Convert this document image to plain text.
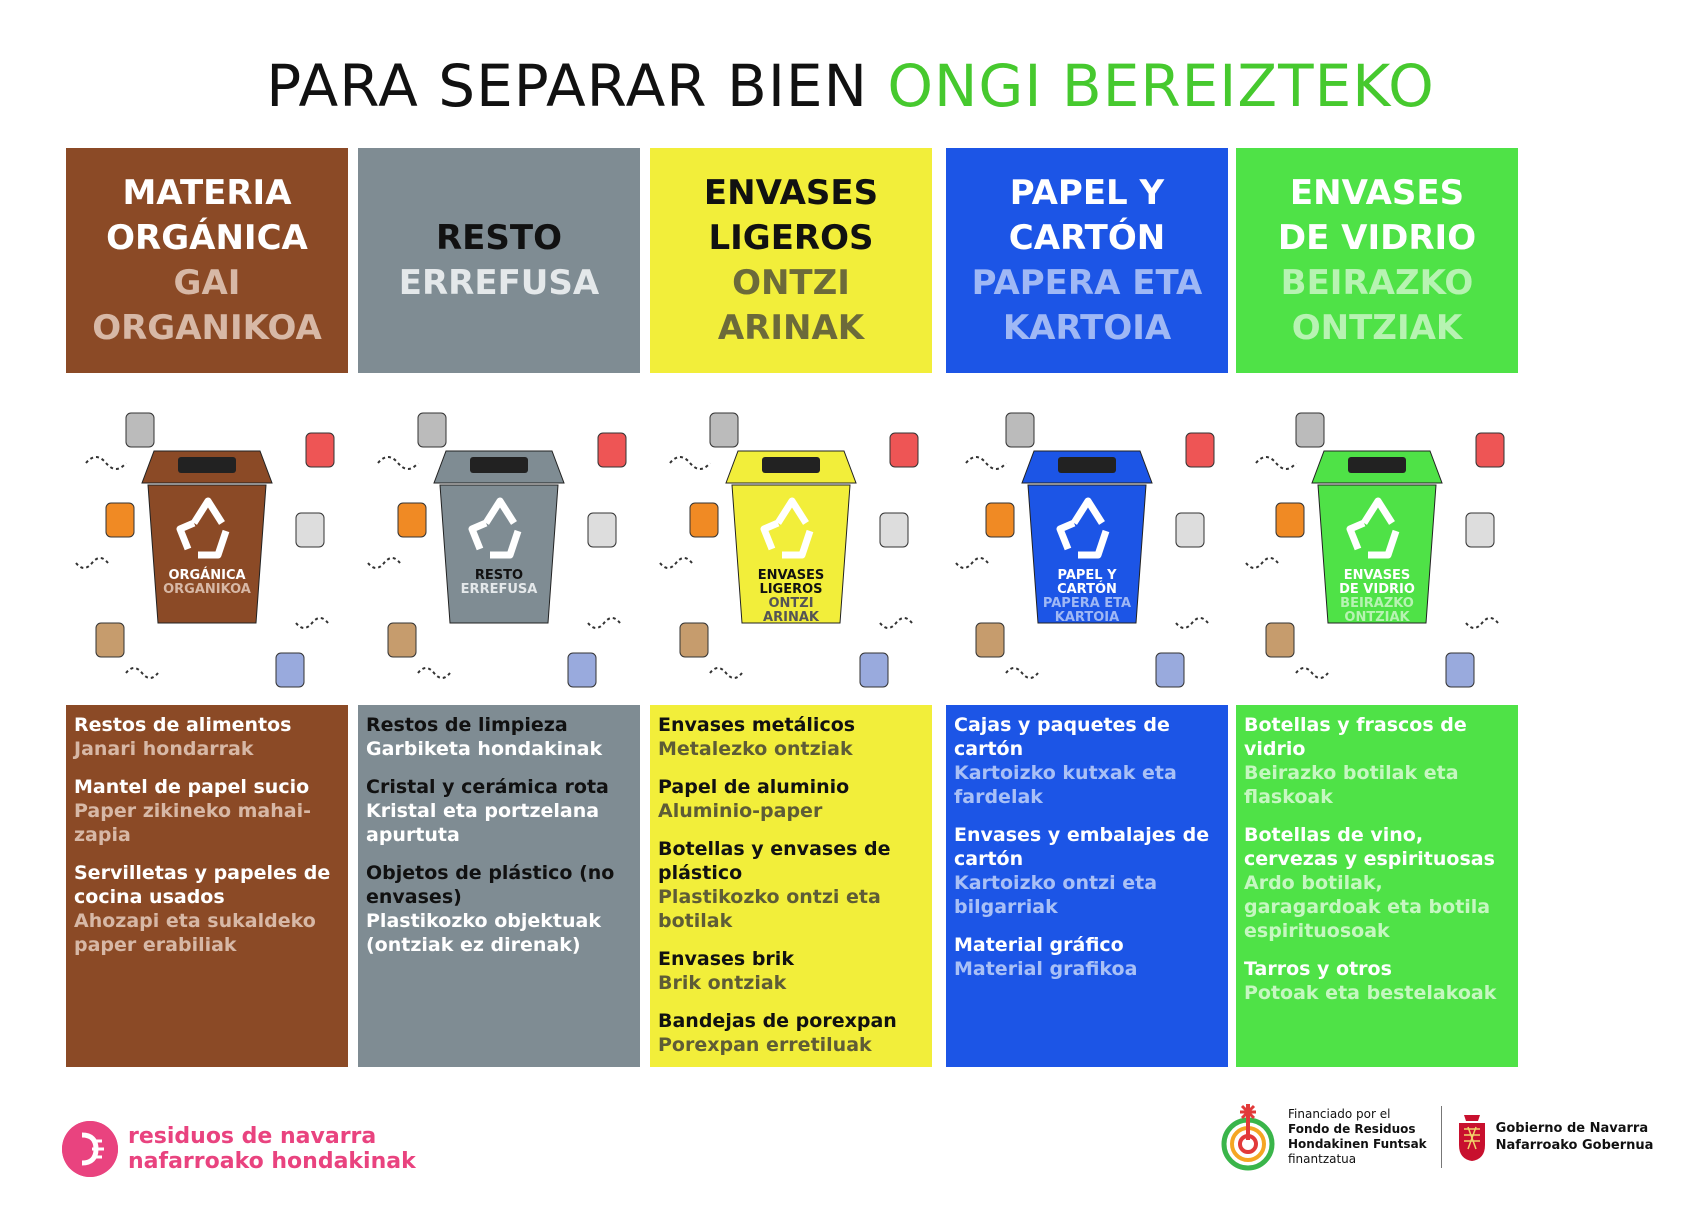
PARA SEPARAR BIEN ONGI BEREIZTEKO
MATERIA
ORGÁNICA
GAI
ORGANIKOA
ORGÁNICA
ORGANIKOA
Restos de alimentos
Janari hondarrak
Mantel de papel sucio
Paper zikineko mahai-zapia
Servilletas y papeles de cocina usados
Ahozapi eta sukaldeko paper erabiliak
RESTO
ERREFUSA
RESTO
ERREFUSA
Restos de limpieza
Garbiketa hondakinak
Cristal y cerámica rota
Kristal eta portzelana apurtuta
Objetos de plástico (no envases)
Plastikozko objektuak (ontziak ez direnak)
ENVASES
LIGEROS
ONTZI
ARINAK
ENVASES LIGEROS
ONTZI ARINAK
Envases metálicos
Metalezko ontziak
Papel de aluminio
Aluminio-paper
Botellas y envases de plástico
Plastikozko ontzi eta botilak
Envases brik
Brik ontziak
Bandejas de porexpan
Porexpan erretiluak
PAPEL Y
CARTÓN
PAPERA ETA
KARTOIA
PAPEL Y CARTÓN
PAPERA ETA KARTOIA
Cajas y paquetes de cartón
Kartoizko kutxak eta fardelak
Envases y embalajes de cartón
Kartoizko ontzi eta bilgarriak
Material gráfico
Material grafikoa
ENVASES
DE VIDRIO
BEIRAZKO
ONTZIAK
ENVASES DE VIDRIO
BEIRAZKO ONTZIAK
Botellas y frascos de vidrio
Beirazko botilak eta flaskoak
Botellas de vino, cervezas y espirituosas
Ardo botilak, garagardoak eta botila espirituosoak
Tarros y otros
Potoak eta bestelakoak
residuos de navarra
nafarroako hondakinak
Financiado por el
Fondo de Residuos
Hondakinen Funtsak
finantzatua
Gobierno de Navarra
Nafarroako Gobernua
